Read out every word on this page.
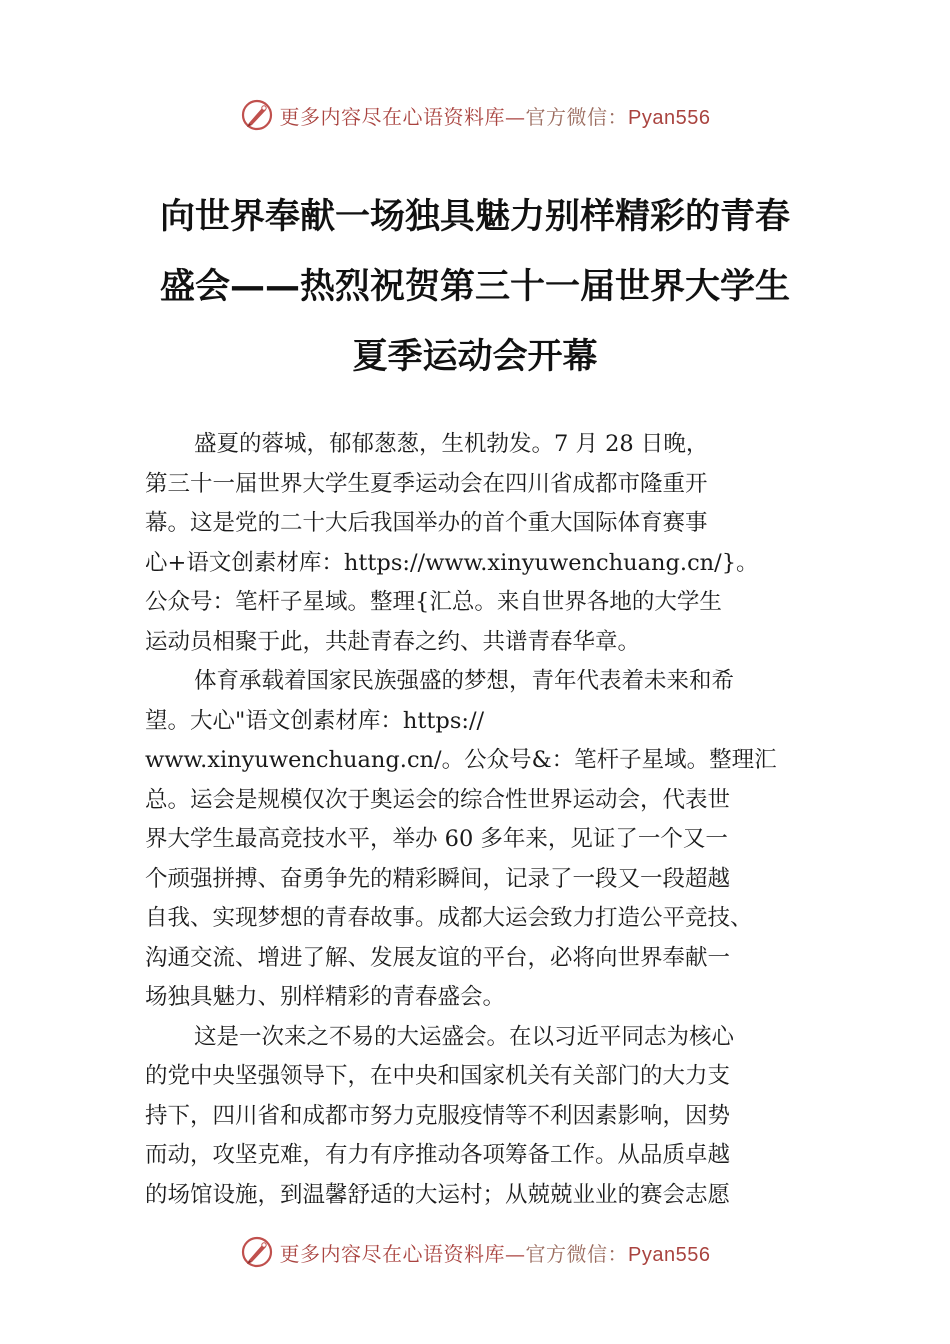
更多内容尽在心语资料库—官方微信：Pyan556
向世界奉献一场独具魅力别样精彩的青春
盛会——热烈祝贺第三十一届世界大学生
夏季运动会开幕
盛夏的蓉城，郁郁葱葱，生机勃发。7 月 28 日晚，
第三十一届世界大学生夏季运动会在四川省成都市隆重开
幕。这是党的二十大后我国举办的首个重大国际体育赛事
心+语文创素材库：https://www.xinyuwenchuang.cn/}。
公众号：笔杆子星域。整理{汇总。来自世界各地的大学生
运动员相聚于此，共赴青春之约、共谱青春华章。
体育承载着国家民族强盛的梦想，青年代表着未来和希
望。大心"语文创素材库：https://
www.xinyuwenchuang.cn/。公众号&：笔杆子星域。整理汇
总。运会是规模仅次于奥运会的综合性世界运动会，代表世
界大学生最高竞技水平，举办 60 多年来，见证了一个又一
个顽强拼搏、奋勇争先的精彩瞬间，记录了一段又一段超越
自我、实现梦想的青春故事。成都大运会致力打造公平竞技、
沟通交流、增进了解、发展友谊的平台，必将向世界奉献一
场独具魅力、别样精彩的青春盛会。
这是一次来之不易的大运盛会。在以习近平同志为核心
的党中央坚强领导下，在中央和国家机关有关部门的大力支
持下，四川省和成都市努力克服疫情等不利因素影响，因势
而动，攻坚克难，有力有序推动各项筹备工作。从品质卓越
的场馆设施，到温馨舒适的大运村；从兢兢业业的赛会志愿
更多内容尽在心语资料库—官方微信：Pyan556
